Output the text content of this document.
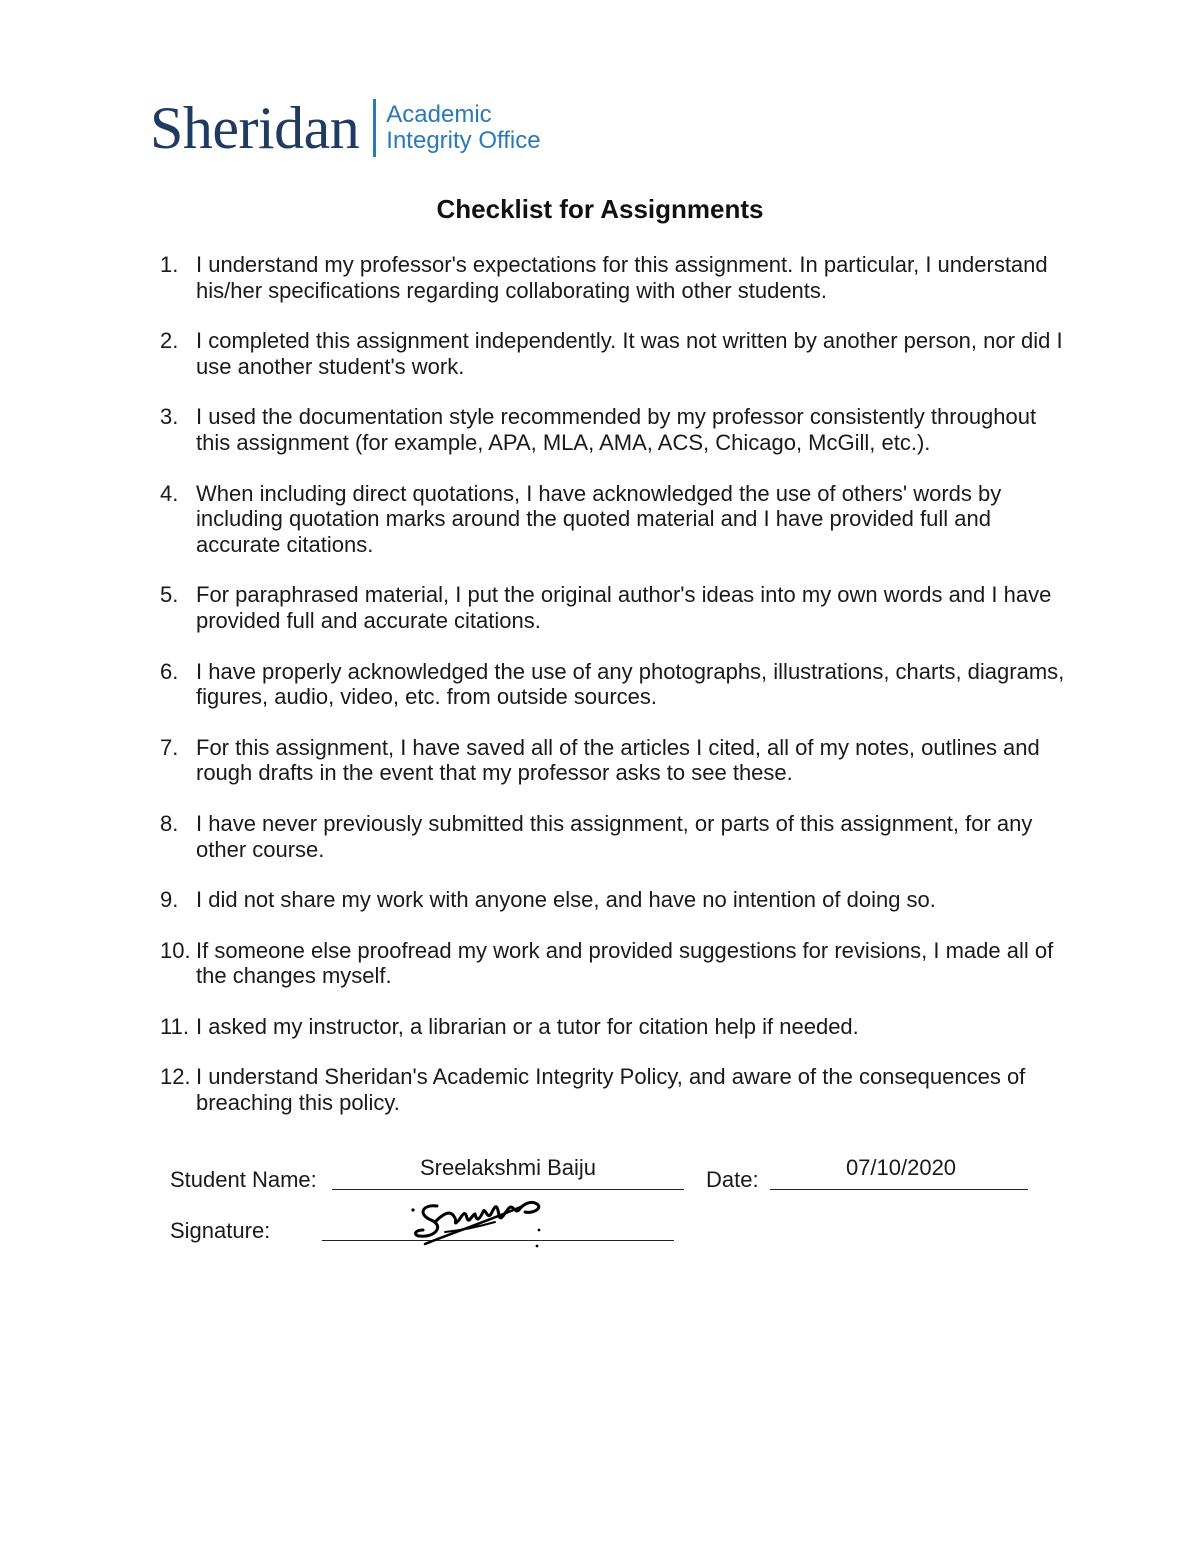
Sheridan Academic
Integrity Office
Checklist for Assignments
1. I understand my professor's expectations for this assignment. In particular, I understand his/her specifications regarding collaborating with other students.
2. I completed this assignment independently. It was not written by another person, nor did I use another student's work.
3. I used the documentation style recommended by my professor consistently throughout this assignment (for example, APA, MLA, AMA, ACS, Chicago, McGill, etc.).
4. When including direct quotations, I have acknowledged the use of others' words by including quotation marks around the quoted material and I have provided full and accurate citations.
5. For paraphrased material, I put the original author's ideas into my own words and I have provided full and accurate citations.
6. I have properly acknowledged the use of any photographs, illustrations, charts, diagrams, figures, audio, video, etc. from outside sources.
7. For this assignment, I have saved all of the articles I cited, all of my notes, outlines and rough drafts in the event that my professor asks to see these.
8. I have never previously submitted this assignment, or parts of this assignment, for any other course.
9. I did not share my work with anyone else, and have no intention of doing so.
10. If someone else proofread my work and provided suggestions for revisions, I made all of the changes myself.
11. I asked my instructor, a librarian or a tutor for citation help if needed.
12. I understand Sheridan's Academic Integrity Policy, and aware of the consequences of breaching this policy.
Student Name:	Sreelakshmi Baiju	Date:	07/10/2020
Signature:
